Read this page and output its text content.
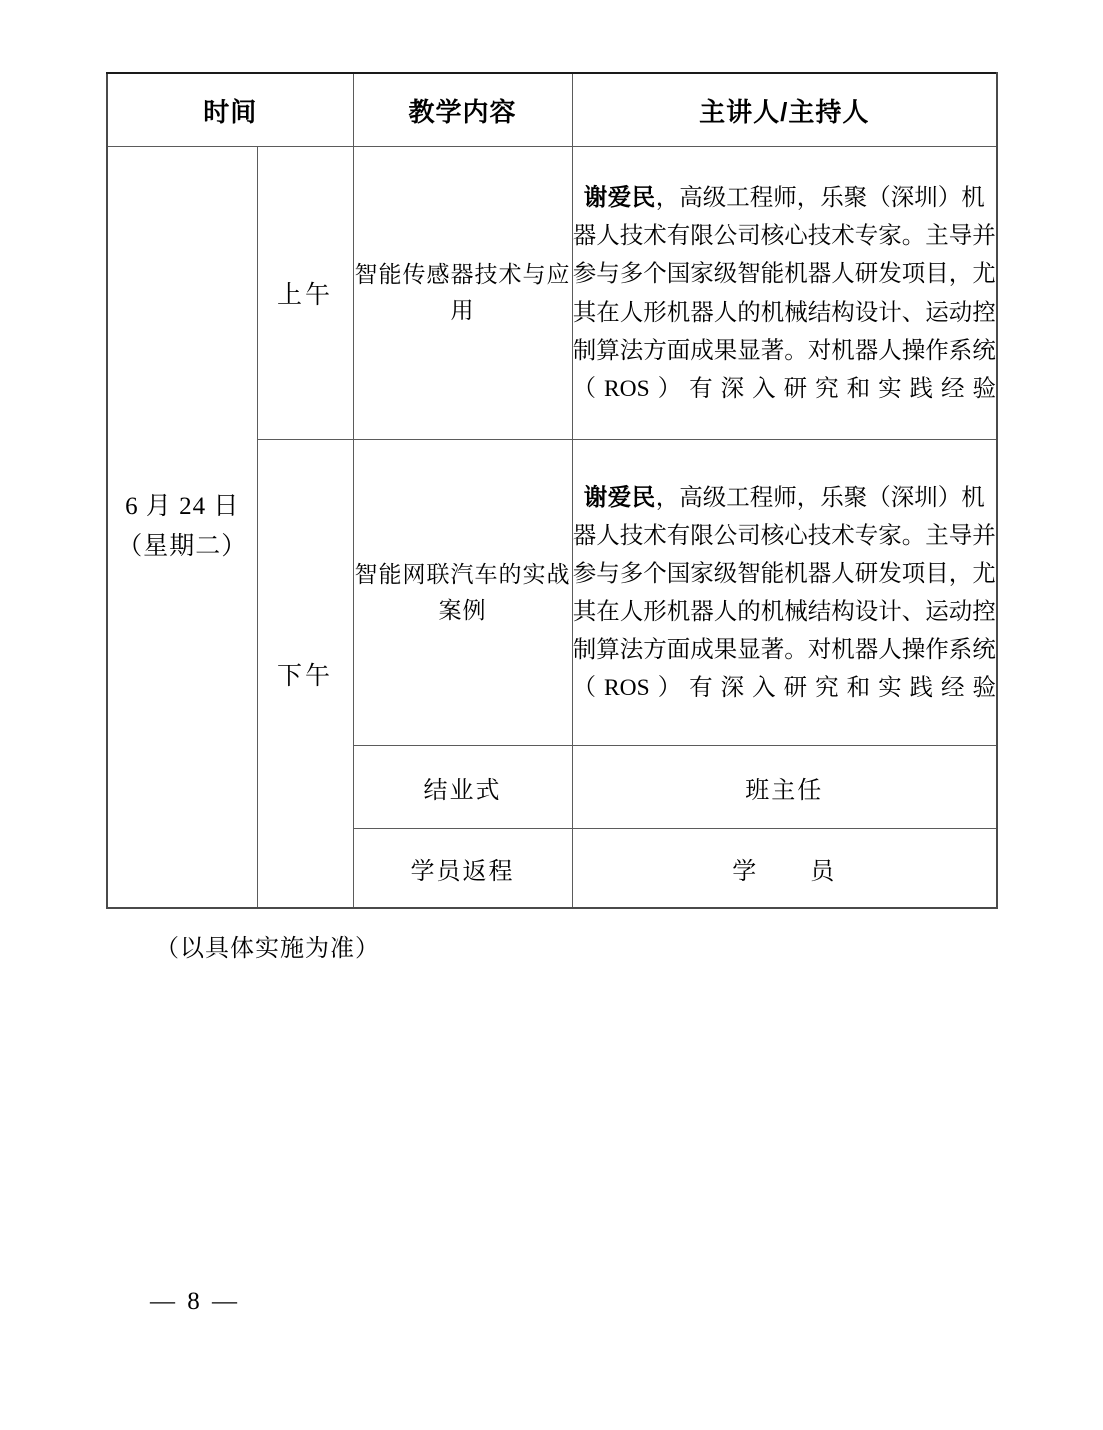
时间		教学内容	主讲人/主持人

6 月 24 日
（星期二）	上午	智能传感器技术与应用	谢爱民，高级工程师，乐聚（深圳）机器人技术有限公司核心技术专家。主导并参与多个国家级智能机器人研发项目，尤其在人形机器人的机械结构设计、运动控制算法方面成果显著。对机器人操作系统（ROS）有深入研究和实践经验
	下午	智能网联汽车的实战案例	谢爱民，高级工程师，乐聚（深圳）机器人技术有限公司核心技术专家。主导并参与多个国家级智能机器人研发项目，尤其在人形机器人的机械结构设计、运动控制算法方面成果显著。对机器人操作系统（ROS）有深入研究和实践经验
		结业式	班主任
		学员返程	学　　员
（以具体实施为准）
— 8 —
